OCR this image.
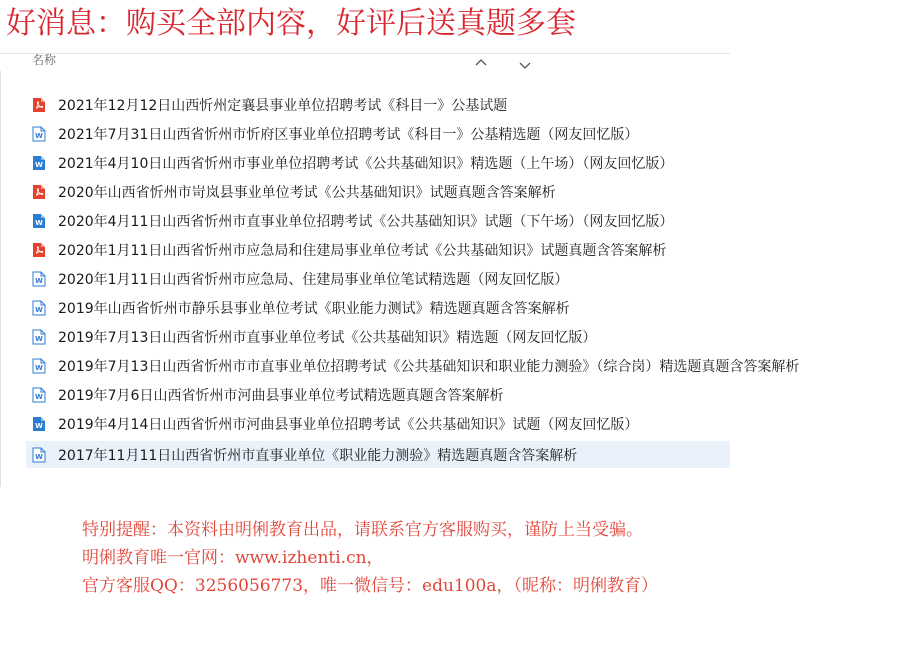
好消息：购买全部内容，好评后送真题多套
名称
2021年12月12日山西忻州定襄县事业单位招聘考试《科目一》公基试题
W 2021年7月31日山西省忻州市忻府区事业单位招聘考试《科目一》公基精选题（网友回忆版）
W 2021年4月10日山西省忻州市事业单位招聘考试《公共基础知识》精选题（上午场）（网友回忆版）
2020年山西省忻州市岢岚县事业单位考试《公共基础知识》试题真题含答案解析
W 2020年4月11日山西省忻州市直事业单位招聘考试《公共基础知识》试题（下午场）（网友回忆版）
2020年1月11日山西省忻州市应急局和住建局事业单位考试《公共基础知识》试题真题含答案解析
W 2020年1月11日山西省忻州市应急局、住建局事业单位笔试精选题（网友回忆版）
W 2019年山西省忻州市静乐县事业单位考试《职业能力测试》精选题真题含答案解析
W 2019年7月13日山西省忻州市直事业单位考试《公共基础知识》精选题（网友回忆版）
W 2019年7月13日山西省忻州市市直事业单位招聘考试《公共基础知识和职业能力测验》（综合岗）精选题真题含答案解析
W 2019年7月6日山西省忻州市河曲县事业单位考试精选题真题含答案解析
W 2019年4月14日山西省忻州市河曲县事业单位招聘考试《公共基础知识》试题（网友回忆版）
W 2017年11月11日山西省忻州市直事业单位《职业能力测验》精选题真题含答案解析
特别提醒：本资料由明俐教育出品，请联系官方客服购买，谨防上当受骗。
明俐教育唯一官网：www.izhenti.cn，
官方客服QQ：3256056773，唯一微信号：edu100a，（昵称：明俐教育）
